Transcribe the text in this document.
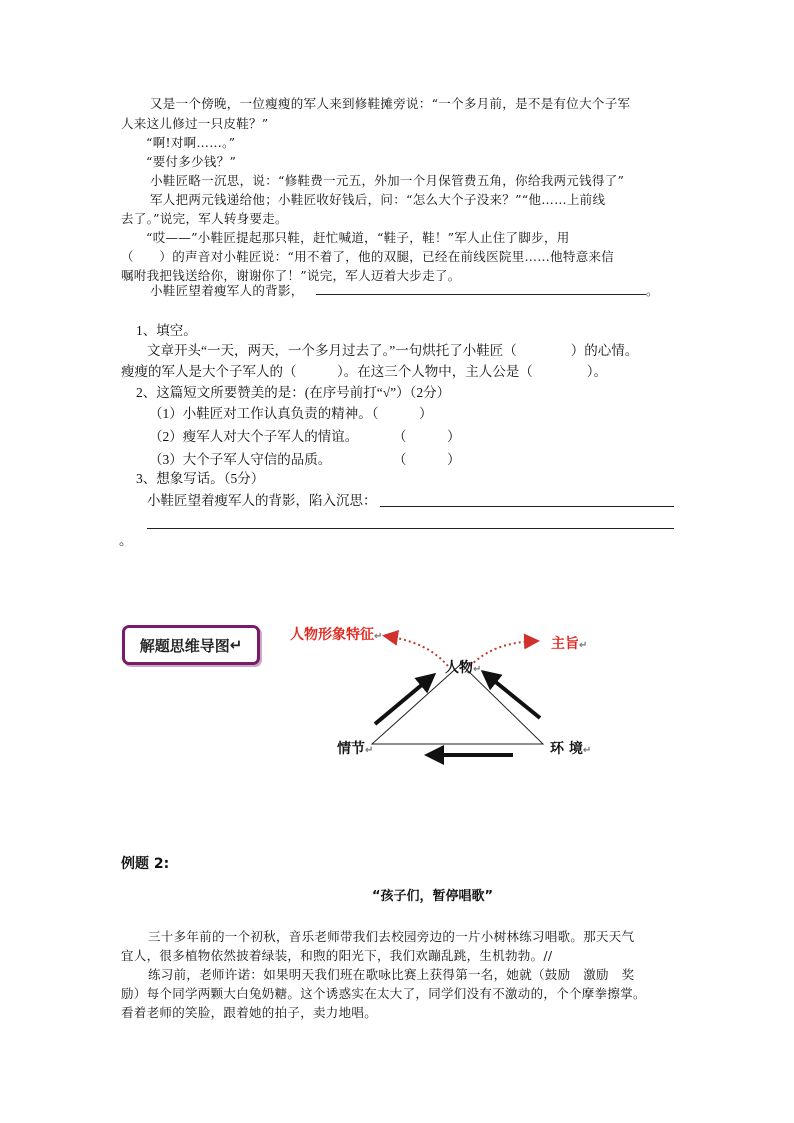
又是一个傍晚，一位瘦瘦的军人来到修鞋摊旁说：“一个多月前，是不是有位大个子军
人来这儿修过一只皮鞋？”
“啊!对啊……。”
“要付多少钱？”
小鞋匠略一沉思，说：“修鞋费一元五，外加一个月保管费五角，你给我两元钱得了”
军人把两元钱递给他；小鞋匠收好钱后，问：“怎么大个子没来？”“他……上前线
去了。”说完，军人转身要走。
“哎——”小鞋匠提起那只鞋，赶忙喊道，“鞋子，鞋！”军人止住了脚步，用
（　　）的声音对小鞋匠说：“用不着了，他的双腿，已经在前线医院里……他特意来信
嘱咐我把钱送给你，谢谢你了！”说完，军人迈着大步走了。
小鞋匠望着瘦军人的背影，	。
1、填空。
文章开头“一天，两天，一个多月过去了。”一句烘托了小鞋匠（　　　　）的心情。
瘦瘦的军人是大个子军人的（　　　）。在这三个人物中，主人公是（　　　　）。
2、这篇短文所要赞美的是：(在序号前打“√”）（2分）
（1）小鞋匠对工作认真负责的精神。（　　　）
（2）瘦军人对大个子军人的情谊。	（　　　）
（3）大个子军人守信的品质。	（　　　）
3、想象写话。（5分）
小鞋匠望着瘦军人的背影，陷入沉思：
。
解题思维导图 ↵
人物形象特征↵	主旨↵
人物↵
情节↵	环 境↵
例题 2:
“孩子们，暂停唱歌”
三十多年前的一个初秋，音乐老师带我们去校园旁边的一片小树林练习唱歌。那天天气
宜人，很多植物依然披着绿装，和煦的阳光下，我们欢蹦乱跳，生机勃勃。//
练习前，老师许诺：如果明天我们班在歌咏比赛上获得第一名，她就（鼓励　激励　奖
励）每个同学两颗大白兔奶糖。这个诱惑实在太大了，同学们没有不激动的，个个摩拳擦掌。
看着老师的笑脸，跟着她的拍子，卖力地唱。
